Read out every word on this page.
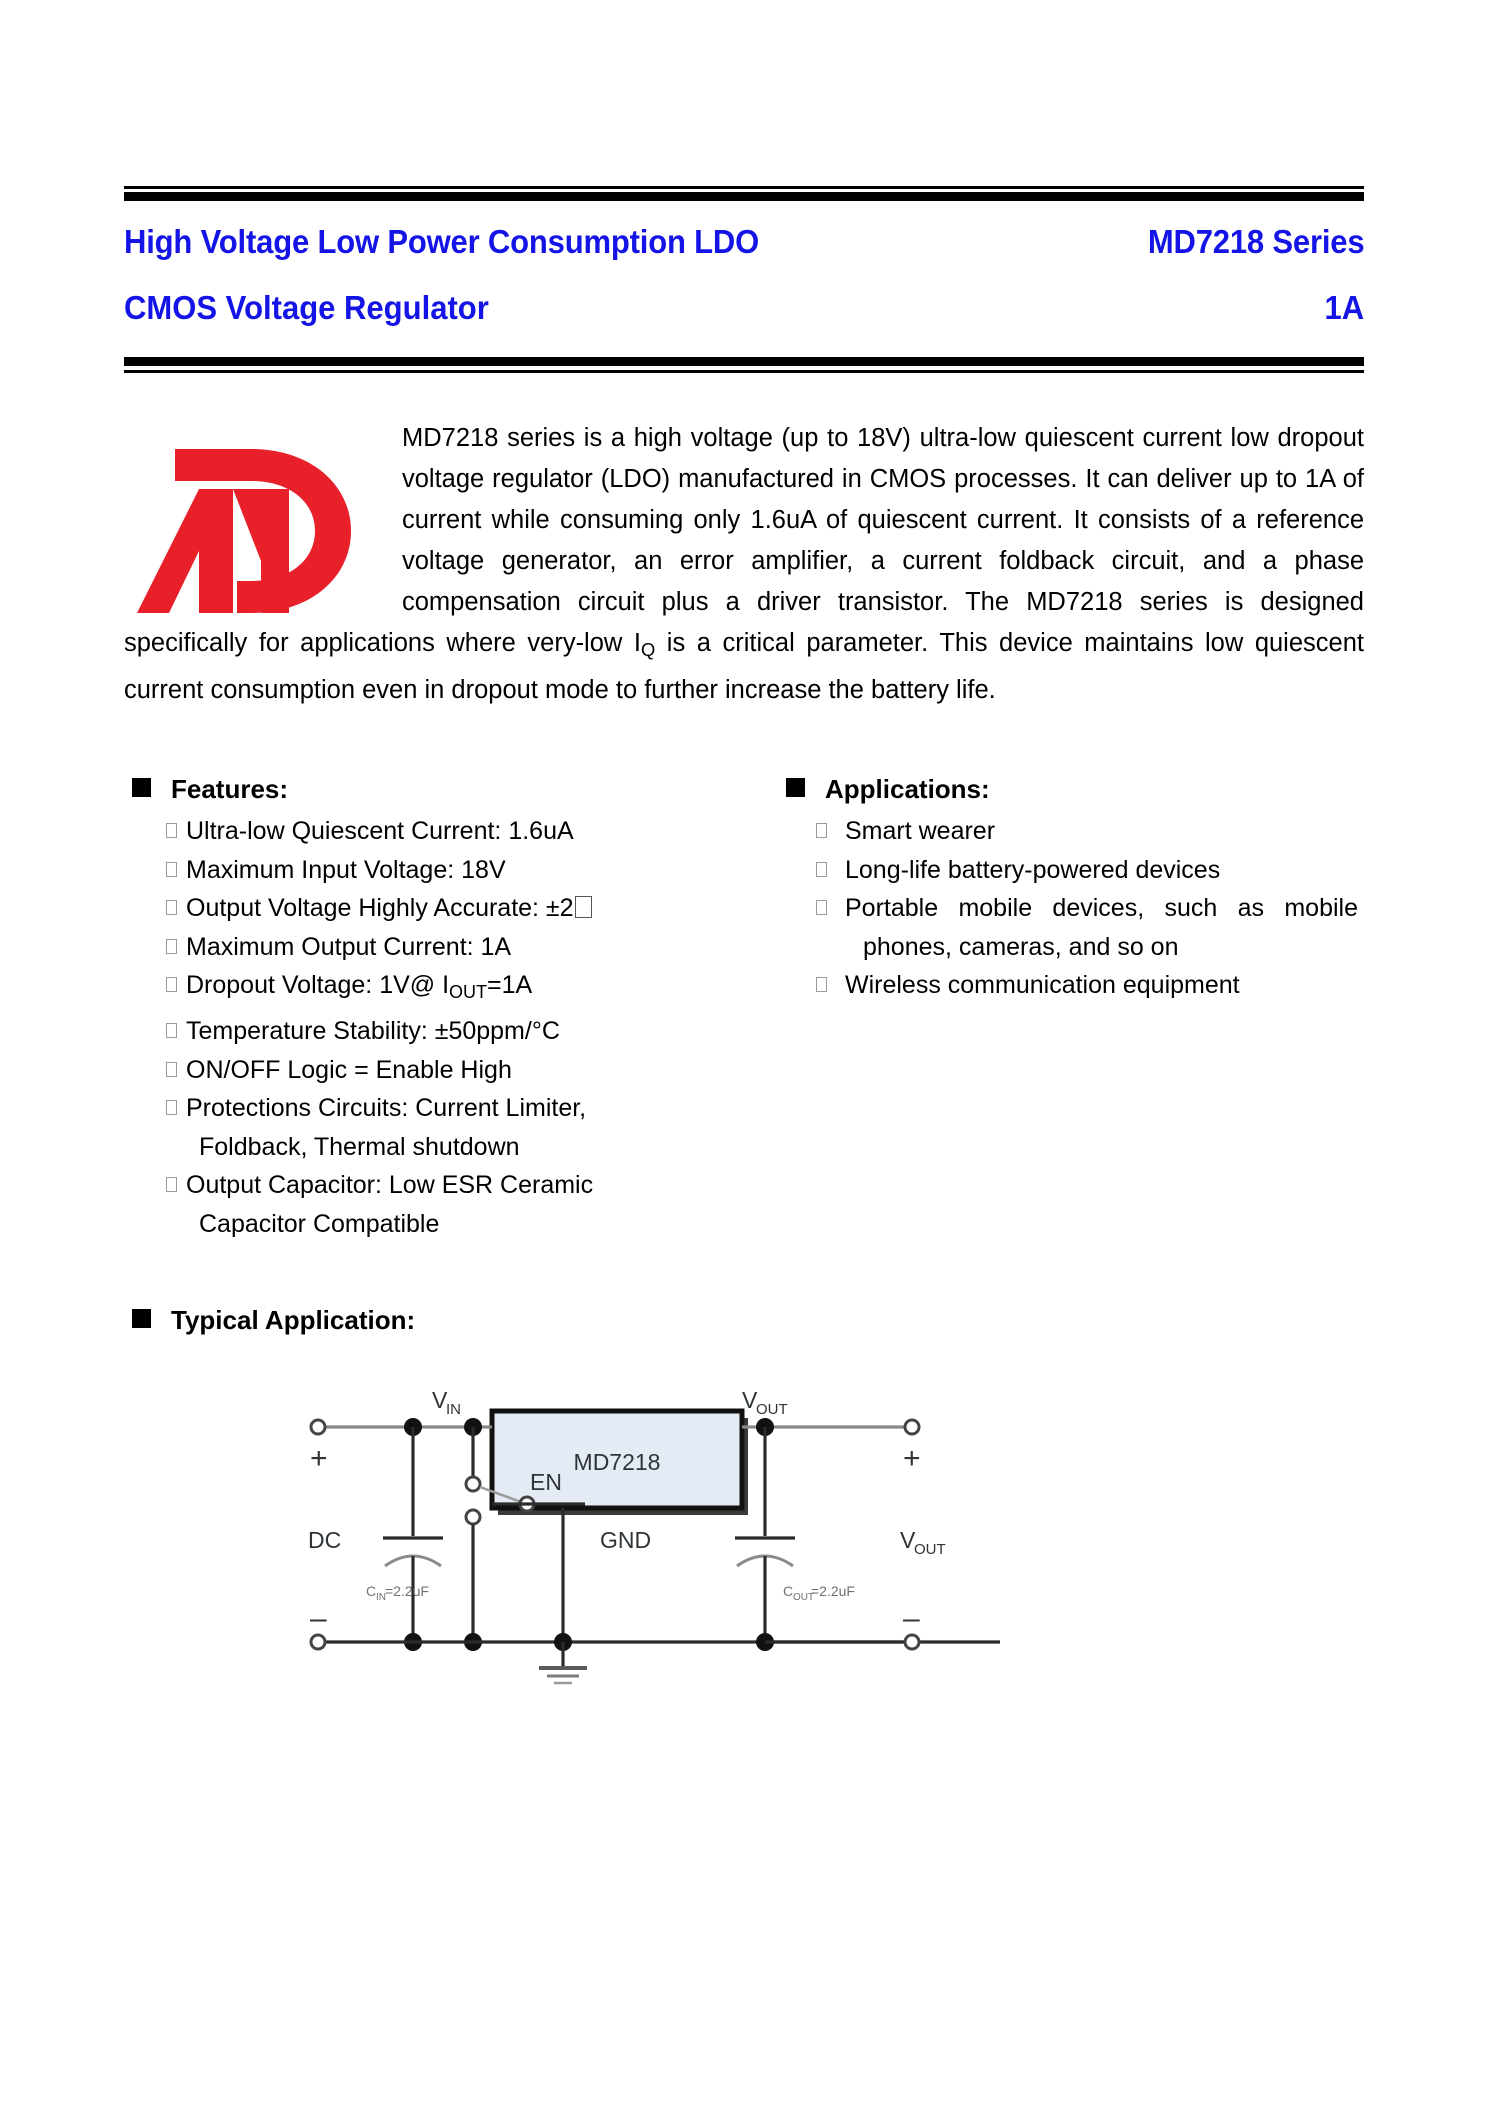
High Voltage Low Power Consumption LDO	MD7218 Series
CMOS Voltage Regulator	1A

MD7218 series is a high voltage (up to 18V) ultra-low quiescent current low dropout voltage regulator (LDO) manufactured in CMOS processes. It can deliver up to 1A of current while consuming only 1.6uA of quiescent current. It consists of a reference voltage generator, an error amplifier, a current foldback circuit, and a phase compensation circuit plus a driver transistor. The MD7218 series is designed specifically for applications where very-low $I_Q$ is a critical parameter. This device maintains low quiescent current consumption even in dropout mode to further increase the battery life.

Features:
Ultra-low Quiescent Current: 1.6uA
Maximum Input Voltage: 18V
Output Voltage Highly Accurate: ±2
Maximum Output Current: 1A
Dropout Voltage: 1V@ $I_{OUT}=1A$
Temperature Stability: ±50ppm/°C
ON/OFF Logic = Enable High
Protections Circuits: Current Limiter,
Foldback, Thermal shutdown
Output Capacitor: Low ESR Ceramic
Capacitor Compatible
Applications:
Smart wearer
Long-life battery-powered devices
Portable mobile devices, such as mobile
phones, cameras, and so on
Wireless communication equipment
Typical Application:
MD7218
+
V
IN
C IN =2.2uF
EN
DC
–
GND
V
OUT
C OUT
=2.2uF
+
V
OUT
–
